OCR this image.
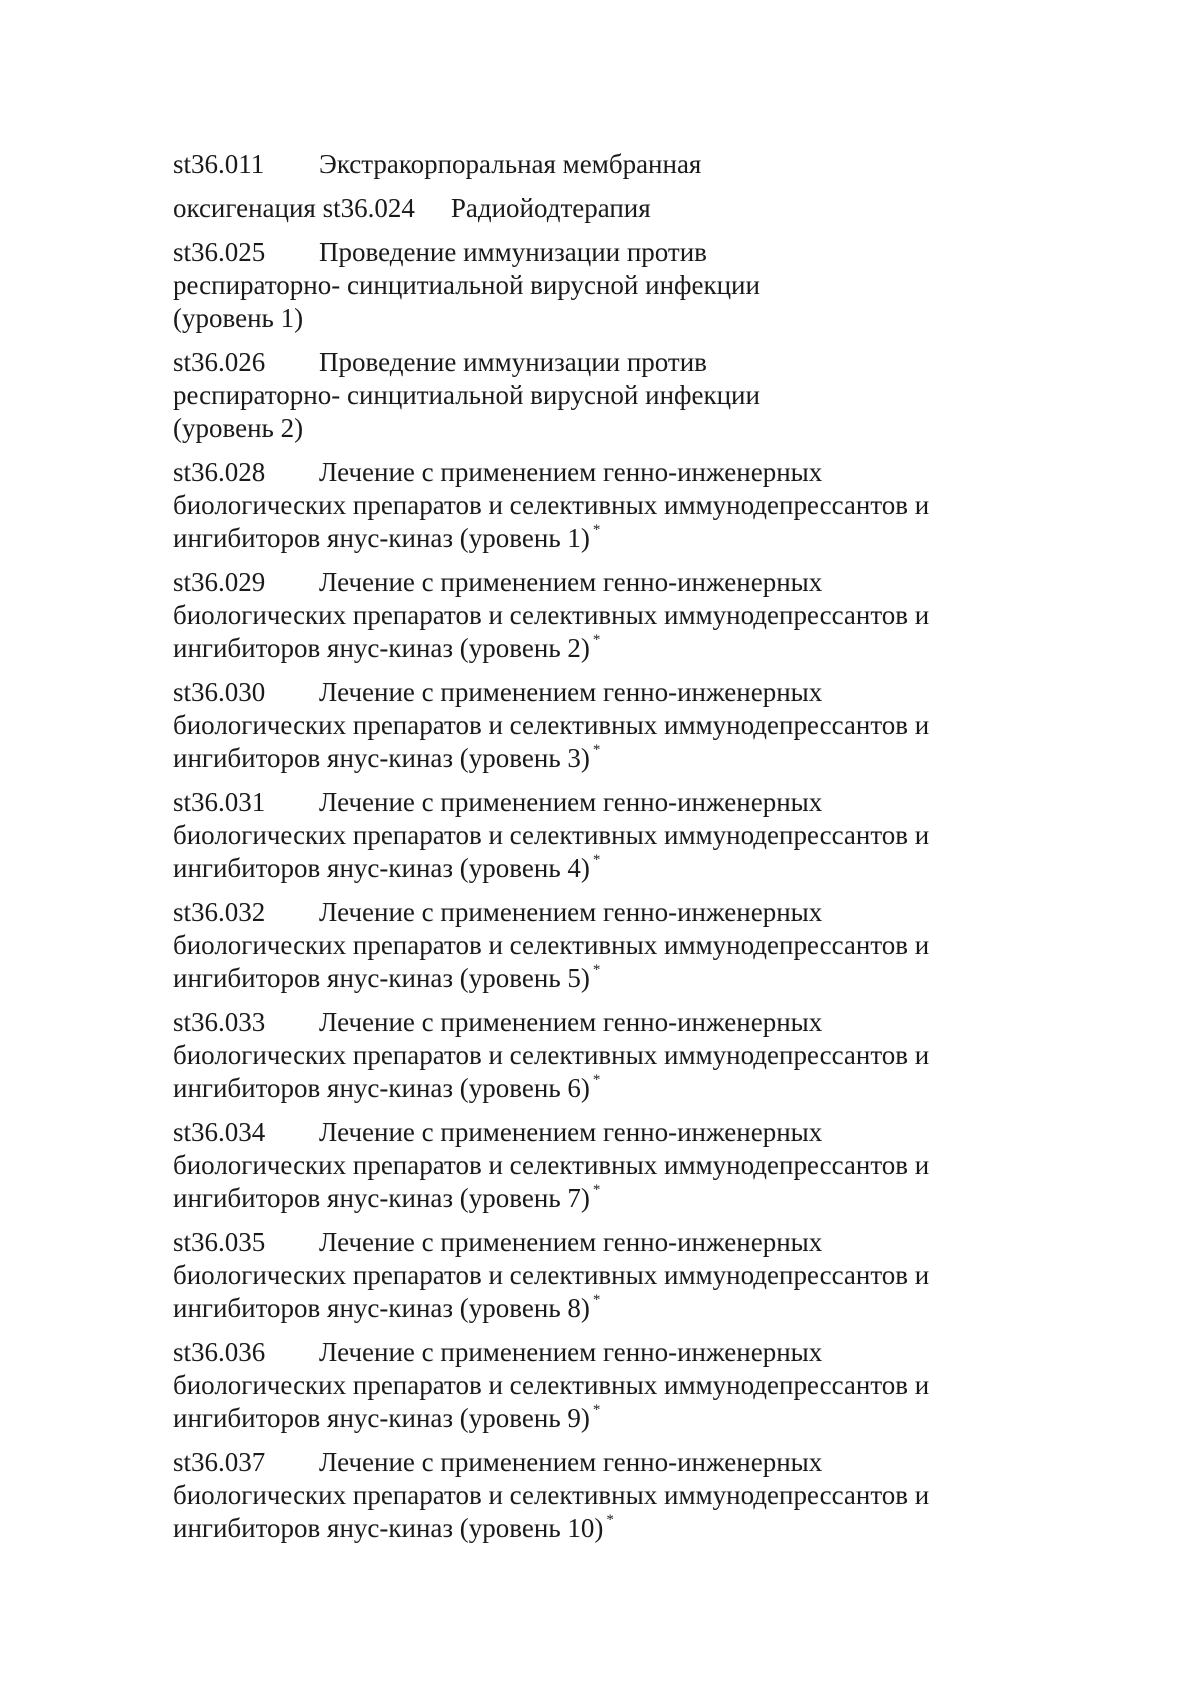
st36.011 Экстракорпоральная мембранная
оксигенация st36.024 Радиойодтерапия
st36.025 Проведение иммунизации против
респираторно- синцитиальной вирусной инфекции
(уровень 1)
st36.026 Проведение иммунизации против
респираторно- синцитиальной вирусной инфекции
(уровень 2)
st36.028 Лечение с применением генно-инженерных
биологических препаратов и селективных иммунодепрессантов и
ингибиторов янус-киназ (уровень 1) *
st36.029 Лечение с применением генно-инженерных
биологических препаратов и селективных иммунодепрессантов и
ингибиторов янус-киназ (уровень 2) *
st36.030 Лечение с применением генно-инженерных
биологических препаратов и селективных иммунодепрессантов и
ингибиторов янус-киназ (уровень 3) *
st36.031 Лечение с применением генно-инженерных
биологических препаратов и селективных иммунодепрессантов и
ингибиторов янус-киназ (уровень 4) *
st36.032 Лечение с применением генно-инженерных
биологических препаратов и селективных иммунодепрессантов и
ингибиторов янус-киназ (уровень 5) *
st36.033 Лечение с применением генно-инженерных
биологических препаратов и селективных иммунодепрессантов и
ингибиторов янус-киназ (уровень 6) *
st36.034 Лечение с применением генно-инженерных
биологических препаратов и селективных иммунодепрессантов и
ингибиторов янус-киназ (уровень 7) *
st36.035 Лечение с применением генно-инженерных
биологических препаратов и селективных иммунодепрессантов и
ингибиторов янус-киназ (уровень 8) *
st36.036 Лечение с применением генно-инженерных
биологических препаратов и селективных иммунодепрессантов и
ингибиторов янус-киназ (уровень 9) *
st36.037 Лечение с применением генно-инженерных
биологических препаратов и селективных иммунодепрессантов и
ингибиторов янус-киназ (уровень 10) *
